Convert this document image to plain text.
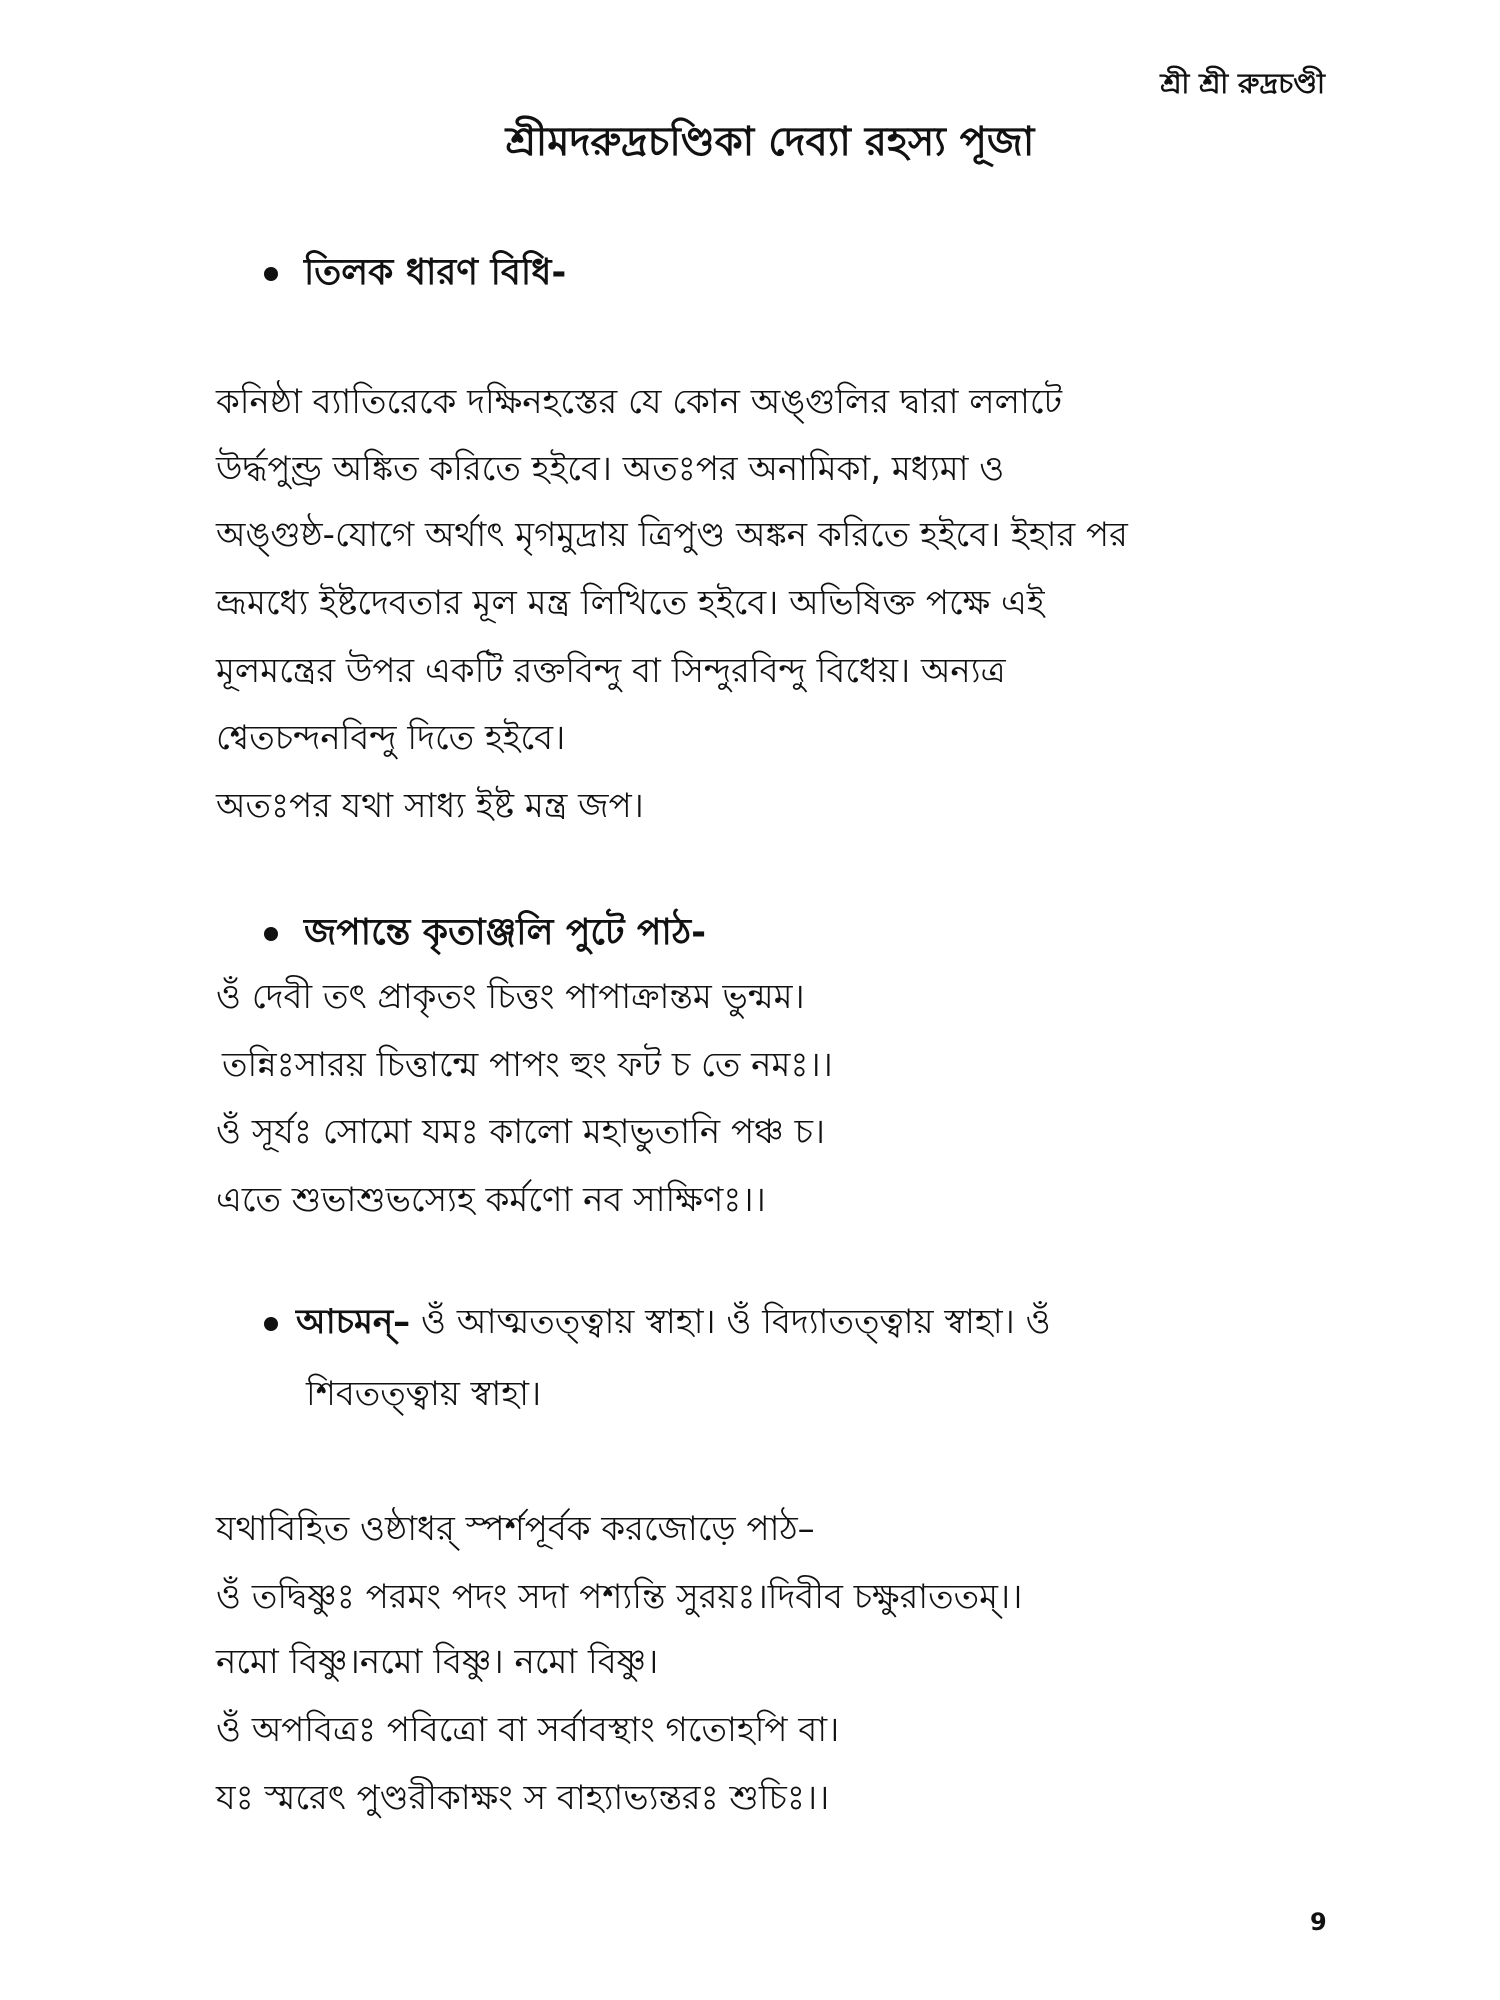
শ্রী শ্রী রুদ্রচণ্ডী
শ্রীমদরুদ্রচণ্ডিকা দেব্যা রহস্য পূজা
তিলক ধারণ বিধি-
কনিষ্ঠা ব্যাতিরেকে দক্ষিনহস্তের যে কোন অঙ্গুলির দ্বারা ললাটে
উর্দ্ধপুণ্ড্র অঙ্কিত করিতে হইবে। অতঃপর অনামিকা, মধ্যমা ও
অঙ্গুষ্ঠ-যোগে অর্থাৎ মৃগমুদ্রায় ত্রিপুণ্ড অঙ্কন করিতে হইবে। ইহার পর
ভ্রূমধ্যে ইষ্টদেবতার মূল মন্ত্র লিখিতে হইবে। অভিষিক্ত পক্ষে এই
মূলমন্ত্রের উপর একটি রক্তবিন্দু বা সিন্দুরবিন্দু বিধেয়। অন্যত্র
শ্বেতচন্দনবিন্দু দিতে হইবে।
অতঃপর যথা সাধ্য ইষ্ট মন্ত্র জপ।
জপান্তে কৃতাঞ্জলি পুটে পাঠ-
ওঁ দেবী তৎ প্রাকৃতং চিত্তং পাপাক্রান্তম ভুন্মম।
তন্নিঃসারয় চিত্তান্মে পাপং হুং ফট চ তে নমঃ।।
ওঁ সূর্যঃ সোমো যমঃ কালো মহাভুতানি পঞ্চ চ।
এতে শুভাশুভস্যেহ কর্মণো নব সাক্ষিণঃ।।
আচমন্– ওঁ আত্মতত্ত্বায় স্বাহা। ওঁ বিদ্যাতত্ত্বায় স্বাহা। ওঁ
শিবতত্ত্বায় স্বাহা।
যথাবিহিত ওষ্ঠাধর্ স্পর্শপূর্বক করজোড়ে পাঠ–
ওঁ তদ্বিষ্ণুঃ পরমং পদং সদা পশ্যন্তি সুরয়ঃ।দিবীব চক্ষুরাততম্।।
নমো বিষ্ণু।নমো বিষ্ণু। নমো বিষ্ণু।
ওঁ অপবিত্রঃ পবিত্রো বা সর্বাবস্থাং গতোহপি বা।
যঃ স্মরেৎ পুণ্ডরীকাক্ষং স বাহ্যাভ্যন্তরঃ শুচিঃ।।
9
